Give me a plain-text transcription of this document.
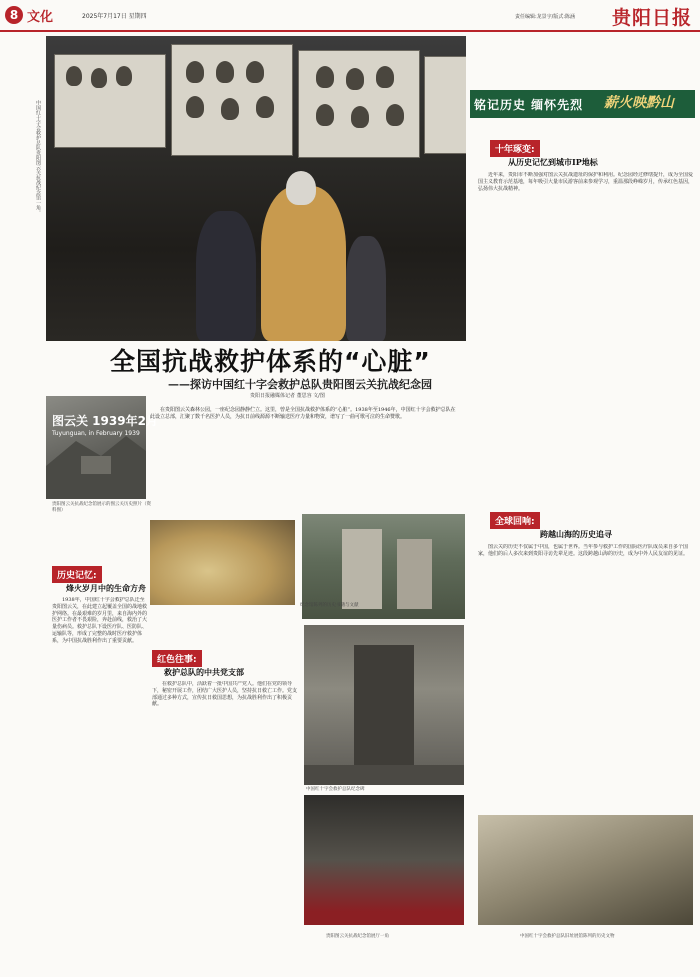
8 文化	2025年7月17日 星期四	责任编辑:龙景宇/版式:陈涵 贵阳日报
中国红十字会救护总队贵阳图云关抗战纪念馆一角。	铭记历史 缅怀先烈 薪火映黔山
全国抗战救护体系的“心脏”
——探访中国红十字会救护总队贵阳图云关抗战纪念园
贵阳日报融媒体记者 董思容 文/图
图云关 1939年2月
Tuyunguan, in February 1939
贵阳图云关抗战纪念馆展示的图云关历史照片（资料图）
在贵阳图云关森林公园，一座纪念园静静伫立。这里，曾是全国抗战救护体系的“心脏”。1938年至1946年，中国红十字会救护总队在此设立总部，汇聚了数千名医护人员，为抗日前线源源不断输送医疗力量和物资，谱写了一曲可歌可泣的生命赞歌。
历史记忆:
烽火岁月中的生命方舟
1938年，中国红十字会救护总队迁至贵阳图云关，在此建立起覆盖全国的战地救护网络。在最艰难的岁月里，来自海内外的医护工作者不畏艰险，奔赴前线，救治了大量伤病员。救护总队下设医疗队、医防队、运输队等，形成了完整的战时医疗救护体系，为中国抗战胜利作出了重要贡献。
纪念馆陈列的历史书籍与文献
红色往事:
救护总队的中共党支部
在救护总队中，活跃着一批中国共产党人。他们在党的领导下，秘密开展工作，团结广大医护人员，坚持抗日救亡工作。党支部通过多种方式，宣传抗日救国思想，为抗战胜利作出了积极贡献。
中国红十字会救护总队纪念碑
贵阳图云关抗战纪念馆展厅一角
十年琢变:
从历史记忆到城市IP地标
近年来，贵阳市不断加强对图云关抗战遗址的保护和利用。纪念园经过修缮提升，成为全国爱国主义教育示范基地，每年吸引大量市民游客前来参观学习，重温那段峥嵘岁月，传承红色基因，弘扬伟大抗战精神。
全球回响:
跨越山海的历史追寻
图云关的历史不仅属于中国，也属于世界。当年参与救护工作的国际医疗队成员来自多个国家，他们的后人多次来到贵阳寻访先辈足迹。这段跨越山海的历史，成为中外人民友谊的见证。
中国红十字会救护总队旧址展馆陈列的历史文物
